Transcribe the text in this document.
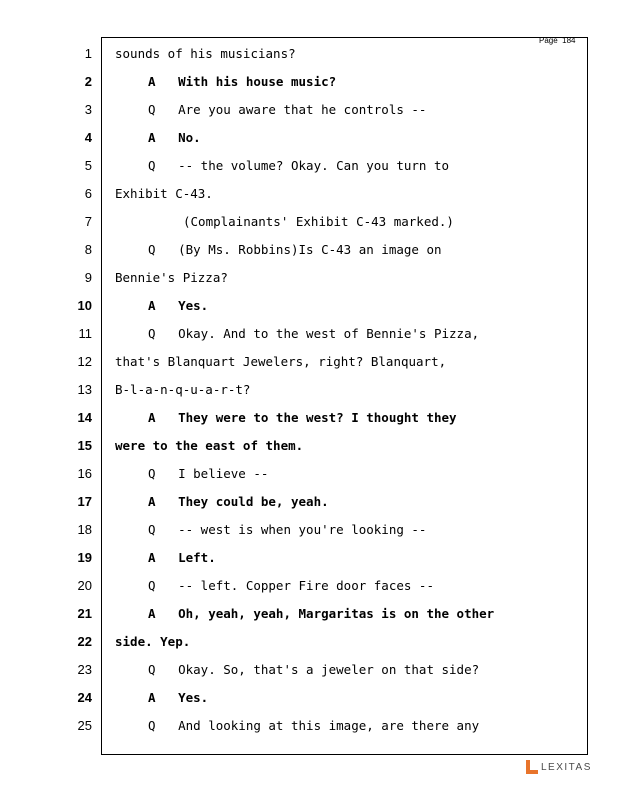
Page 184
1 sounds of his musicians?
2	A   With his house music?
3	Q   Are you aware that he controls --
4	A   No.
5	Q   -- the volume? Okay. Can you turn to
6 Exhibit C-43.
7	(Complainants' Exhibit C-43 marked.)
8	Q   (By Ms. Robbins)Is C-43 an image on
9 Bennie's Pizza?
10	A   Yes.
11	Q   Okay. And to the west of Bennie's Pizza,
12 that's Blanquart Jewelers, right? Blanquart,
13 B-l-a-n-q-u-a-r-t?
14	A   They were to the west? I thought they
15 were to the east of them.
16	Q   I believe --
17	A   They could be, yeah.
18	Q   -- west is when you're looking --
19	A   Left.
20	Q   -- left. Copper Fire door faces --
21	A   Oh, yeah, yeah, Margaritas is on the other
22 side. Yep.
23	Q   Okay. So, that's a jeweler on that side?
24	A   Yes.
25	Q   And looking at this image, are there any
LEXITAS
